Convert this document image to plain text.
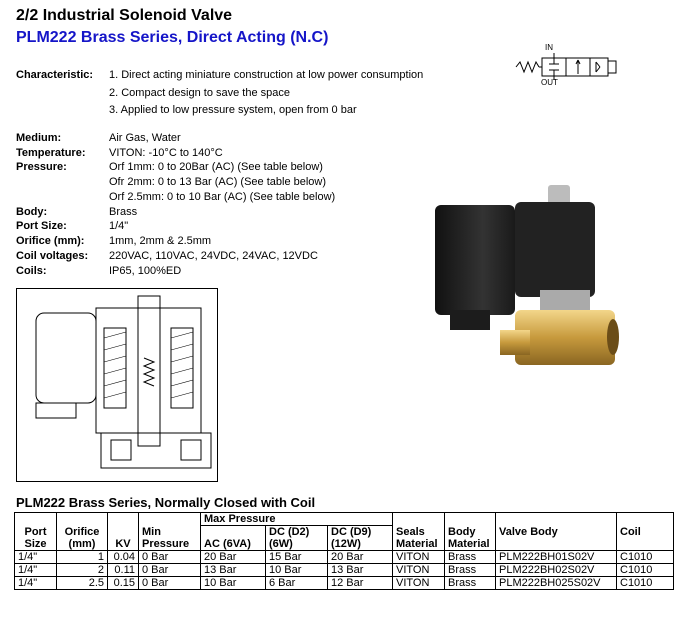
2/2 Industrial Solenoid Valve
PLM222 Brass Series, Direct Acting (N.C)
IN
OUT
Characteristic:	1. Direct acting miniature construction at low power consumption
2. Compact design to save the space
3. Applied to low pressure system, open from 0 bar
Medium:	Air Gas, Water
Temperature:	VITON: -10°C to 140°C
Pressure:	Orf 1mm: 0 to 20Bar (AC) (See table below)
Ofr 2mm: 0 to 13 Bar (AC) (See table below)
Orf 2.5mm: 0 to 10 Bar (AC) (See table below)
Body:	Brass
Port Size:	1/4"
Orifice (mm):	1mm, 2mm & 2.5mm
Coil voltages:	220VAC, 110VAC, 24VDC, 24VAC, 12VDC
Coils:	IP65, 100%ED
PLM222 Brass Series, Normally Closed with Coil
Port Size	Orifice (mm)	KV	Min Pressure	Max Pressure			Seals Material	Body Material	Valve Body	Coil
				AC (6VA)	DC (D2)(6W)	DC (D9)(12W)				
1/4"	1	0.04	0 Bar	20 Bar	15 Bar	20 Bar	VITON	Brass	PLM222BH01S02V	C1010
1/4"	2	0.11	0 Bar	13 Bar	10 Bar	13 Bar	VITON	Brass	PLM222BH02S02V	C1010
1/4"	2.5	0.15	0 Bar	10 Bar	6 Bar	12 Bar	VITON	Brass	PLM222BH025S02V	C1010
